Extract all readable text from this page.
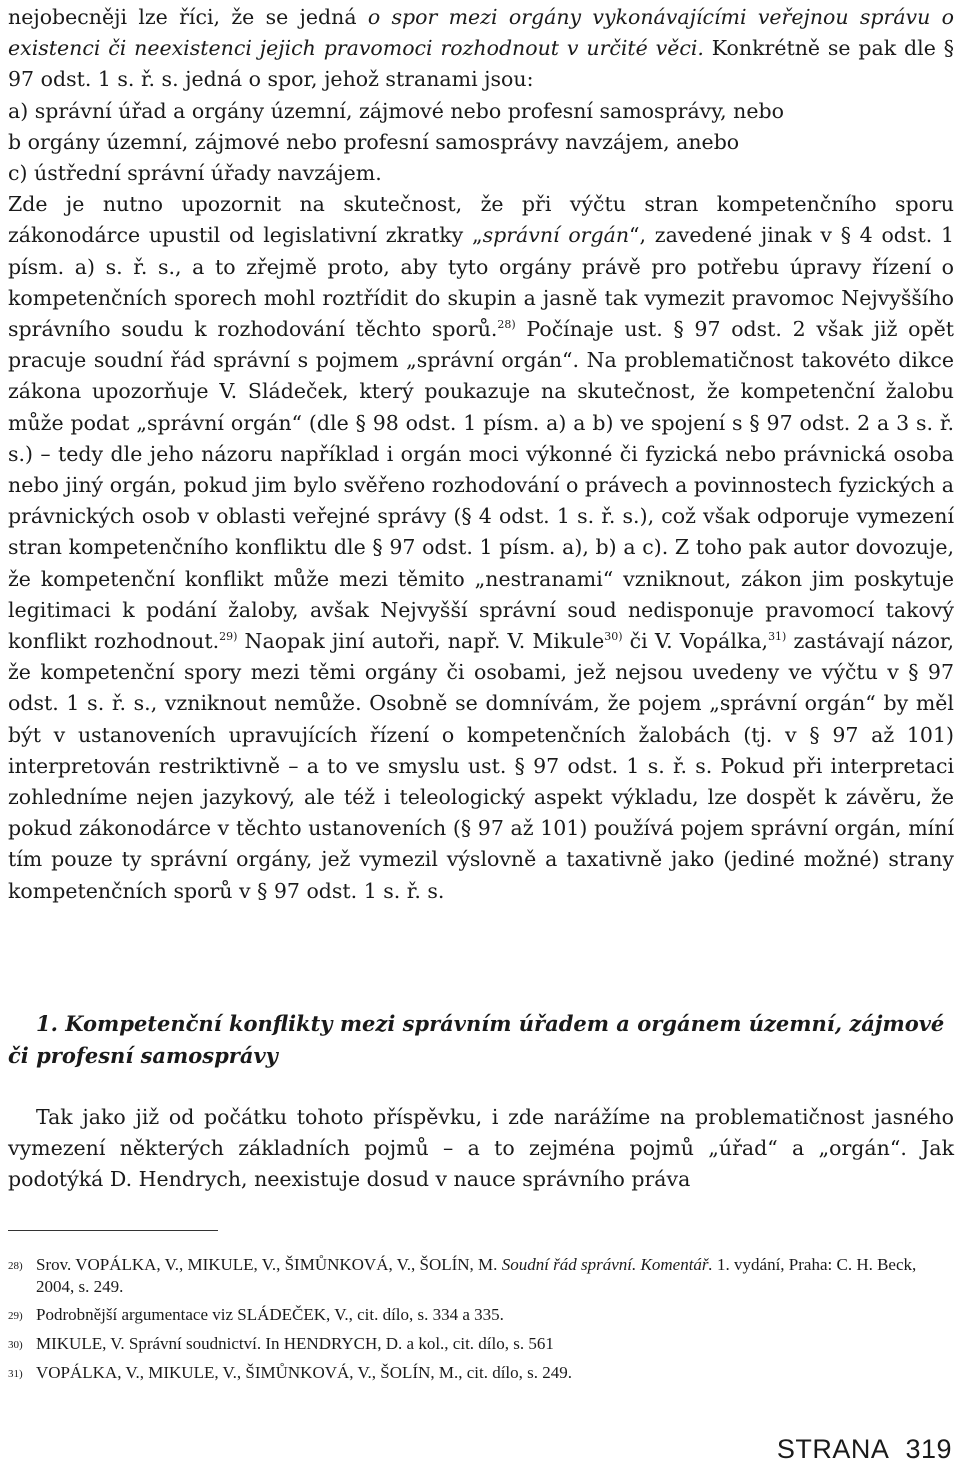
nejobecněji lze říci, že se jedná o spor mezi orgány vykonávajícími veřejnou správu o existenci či neexistenci jejich pravomoci rozhodnout v určité věci. Konkrétně se pak dle § 97 odst. 1 s. ř. s. jedná o spor, jehož stranami jsou:
a) správní úřad a orgány územní, zájmové nebo profesní samosprávy, nebo
b orgány územní, zájmové nebo profesní samosprávy navzájem, anebo
c) ústřední správní úřady navzájem.

Zde je nutno upozornit na skutečnost, že při výčtu stran kompetenčního sporu zákonodárce upustil od legislativní zkratky „správní orgán“, zavedené jinak v § 4 odst. 1 písm. a) s. ř. s., a to zřejmě proto, aby tyto orgány právě pro potřebu úpravy řízení o kompetenčních sporech mohl roztřídit do skupin a jasně tak vymezit pravomoc Nejvyššího správního soudu k rozhodování těchto sporů.$^{28)}$ Počínaje ust. § 97 odst. 2 však již opět pracuje soudní řád správní s pojmem „správní orgán“. Na problematičnost takovéto dikce zákona upozorňuje V. Sládeček, který poukazuje na skutečnost, že kompetenční žalobu může podat „správní orgán“ (dle § 98 odst. 1 písm. a) a b) ve spojení s § 97 odst. 2 a 3 s. ř. s.) – tedy dle jeho názoru například i orgán moci výkonné či fyzická nebo právnická osoba nebo jiný orgán, pokud jim bylo svěřeno rozhodování o právech a povinnostech fyzických a právnických osob v oblasti veřejné správy (§ 4 odst. 1 s. ř. s.), což však odporuje vymezení stran kompetenčního konfliktu dle § 97 odst. 1 písm. a), b) a c). Z toho pak autor dovozuje, že kompetenční konflikt může mezi těmito „nestranami“ vzniknout, zákon jim poskytuje legitimaci k podání žaloby, avšak Nejvyšší správní soud nedisponuje pravomocí takový konflikt rozhodnout.$^{29)}$ Naopak jiní autoři, např. V. Mikule$^{30)}$ či V. Vopálka,$^{31)}$ zastávají názor, že kompetenční spory mezi těmi orgány či osobami, jež nejsou uvedeny ve výčtu v § 97 odst. 1 s. ř. s., vzniknout nemůže. Osobně se domnívám, že pojem „správní orgán“ by měl být v ustanoveních upravujících řízení o kompetenčních žalobách (tj. v § 97 až 101) interpretován restriktivně – a to ve smyslu ust. § 97 odst. 1 s. ř. s. Pokud při interpretaci zohledníme nejen jazykový, ale též i teleologický aspekt výkladu, lze dospět k závěru, že pokud zákonodárce v těchto ustanoveních (§ 97 až 101) používá pojem správní orgán, míní tím pouze ty správní orgány, jež vymezil výslovně a taxativně jako (jediné možné) strany kompetenčních sporů v § 97 odst. 1 s. ř. s.

1. Kompetenční konflikty mezi správním úřadem a orgánem územní, zájmové či profesní samosprávy

Tak jako již od počátku tohoto příspěvku, i zde narážíme na problematičnost jasného vymezení některých základních pojmů – a to zejména pojmů „úřad“ a „orgán“. Jak podotýká D. Hendrych, neexistuje dosud v nauce správního práva

28) Srov. VOPÁLKA, V., MIKULE, V., ŠIMŮNKOVÁ, V., ŠOLÍN, M. Soudní řád správní. Komentář. 1. vydání, Praha: C. H. Beck, 2004, s. 249.
29) Podrobnější argumentace viz SLÁDEČEK, V., cit. dílo, s. 334 a 335.
30) MIKULE, V. Správní soudnictví. In HENDRYCH, D. a kol., cit. dílo, s. 561
31) VOPÁLKA, V., MIKULE, V., ŠIMŮNKOVÁ, V., ŠOLÍN, M., cit. dílo, s. 249.
STRANA 319
